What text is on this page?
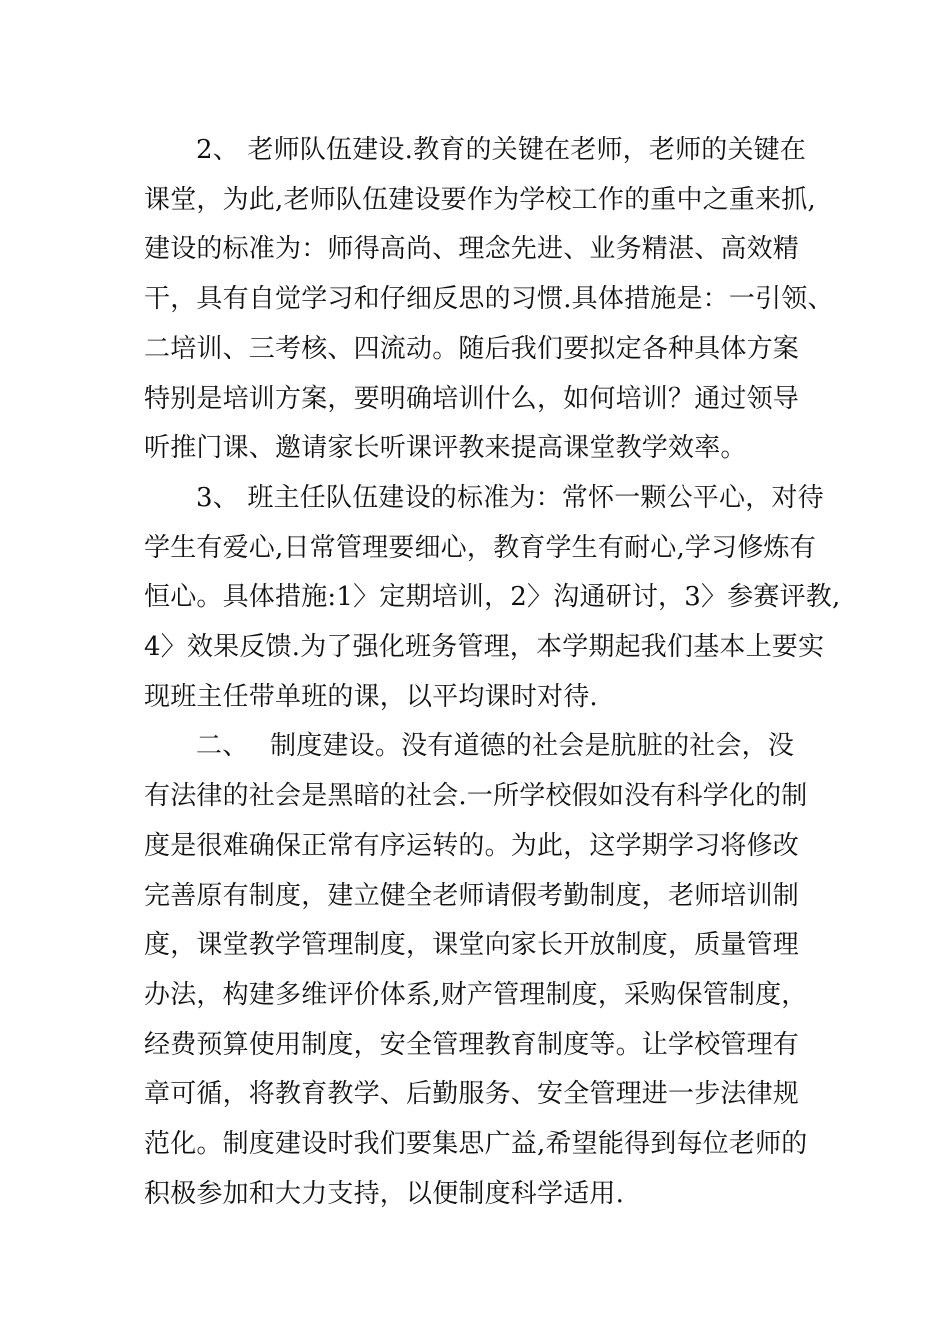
2、 老师队伍建设.教育的关键在老师，老师的关键在
课堂，为此,老师队伍建设要作为学校工作的重中之重来抓,
建设的标准为：师得高尚、理念先进、业务精湛、高效精
干，具有自觉学习和仔细反思的习惯.具体措施是：一引领、
二培训、三考核、四流动。随后我们要拟定各种具体方案
特别是培训方案，要明确培训什么，如何培训？通过领导
听推门课、邀请家长听课评教来提高课堂教学效率。
3、 班主任队伍建设的标准为：常怀一颗公平心，对待
学生有爱心,日常管理要细心，教育学生有耐心,学习修炼有
恒心。具体措施:1〉定期培训，2〉沟通研讨，3〉参赛评教,
4〉效果反馈.为了强化班务管理，本学期起我们基本上要实
现班主任带单班的课，以平均课时对待.
二、　 制度建设。没有道德的社会是肮脏的社会，没
有法律的社会是黑暗的社会.一所学校假如没有科学化的制
度是很难确保正常有序运转的。为此，这学期学习将修改
完善原有制度，建立健全老师请假考勤制度，老师培训制
度，课堂教学管理制度，课堂向家长开放制度，质量管理
办法，构建多维评价体系,财产管理制度，采购保管制度，
经费预算使用制度，安全管理教育制度等。让学校管理有
章可循，将教育教学、后勤服务、安全管理进一步法律规
范化。制度建设时我们要集思广益,希望能得到每位老师的
积极参加和大力支持，以便制度科学适用.
